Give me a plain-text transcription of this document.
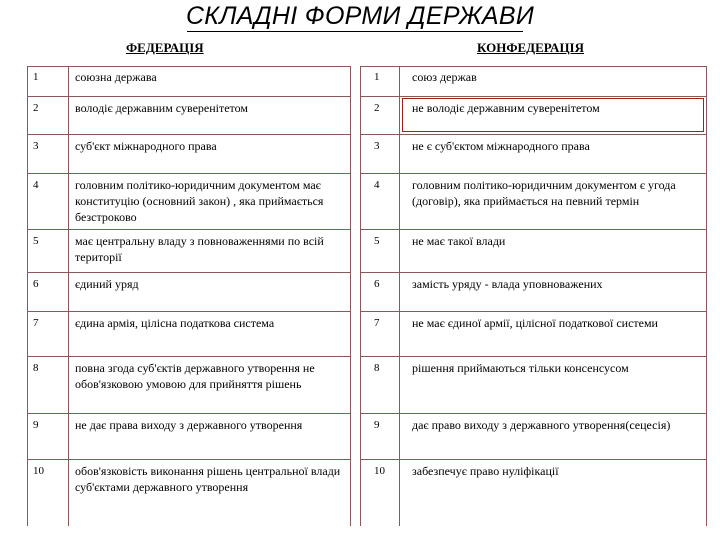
СКЛАДНІ ФОРМИ ДЕРЖАВИ
ФЕДЕРАЦІЯ	КОНФЕДЕРАЦІЯ
1	союзна держава
2	володіє державним суверенітетом
3	суб'єкт міжнародного права
4	головним політико-юридичним документом має конституцію (основний закон) , яка приймається безстроково
5	має центральну владу з повноваженнями по всій території
6	єдиний уряд
7	єдина армія, цілісна податкова система
8	повна згода суб'єктів державного утворення не обов'язковою умовою для прийняття рішень
9	не дає права виходу з державного утворення
10	обов'язковість виконання рішень центральної влади суб'єктами державного утворення
1	союз держав
2	не володіє державним суверенітетом
3	не є суб'єктом міжнародного права
4	головним політико-юридичним документом є угода (договір), яка приймається на певний термін
5	не має такої влади
6	замість уряду - влада уповноважених
7	не має єдиної армії, цілісної податкової системи
8	рішення приймаються тільки консенсусом
9	дає право виходу з державного утворення(сецесія)
10 забезпечує право нуліфікації
